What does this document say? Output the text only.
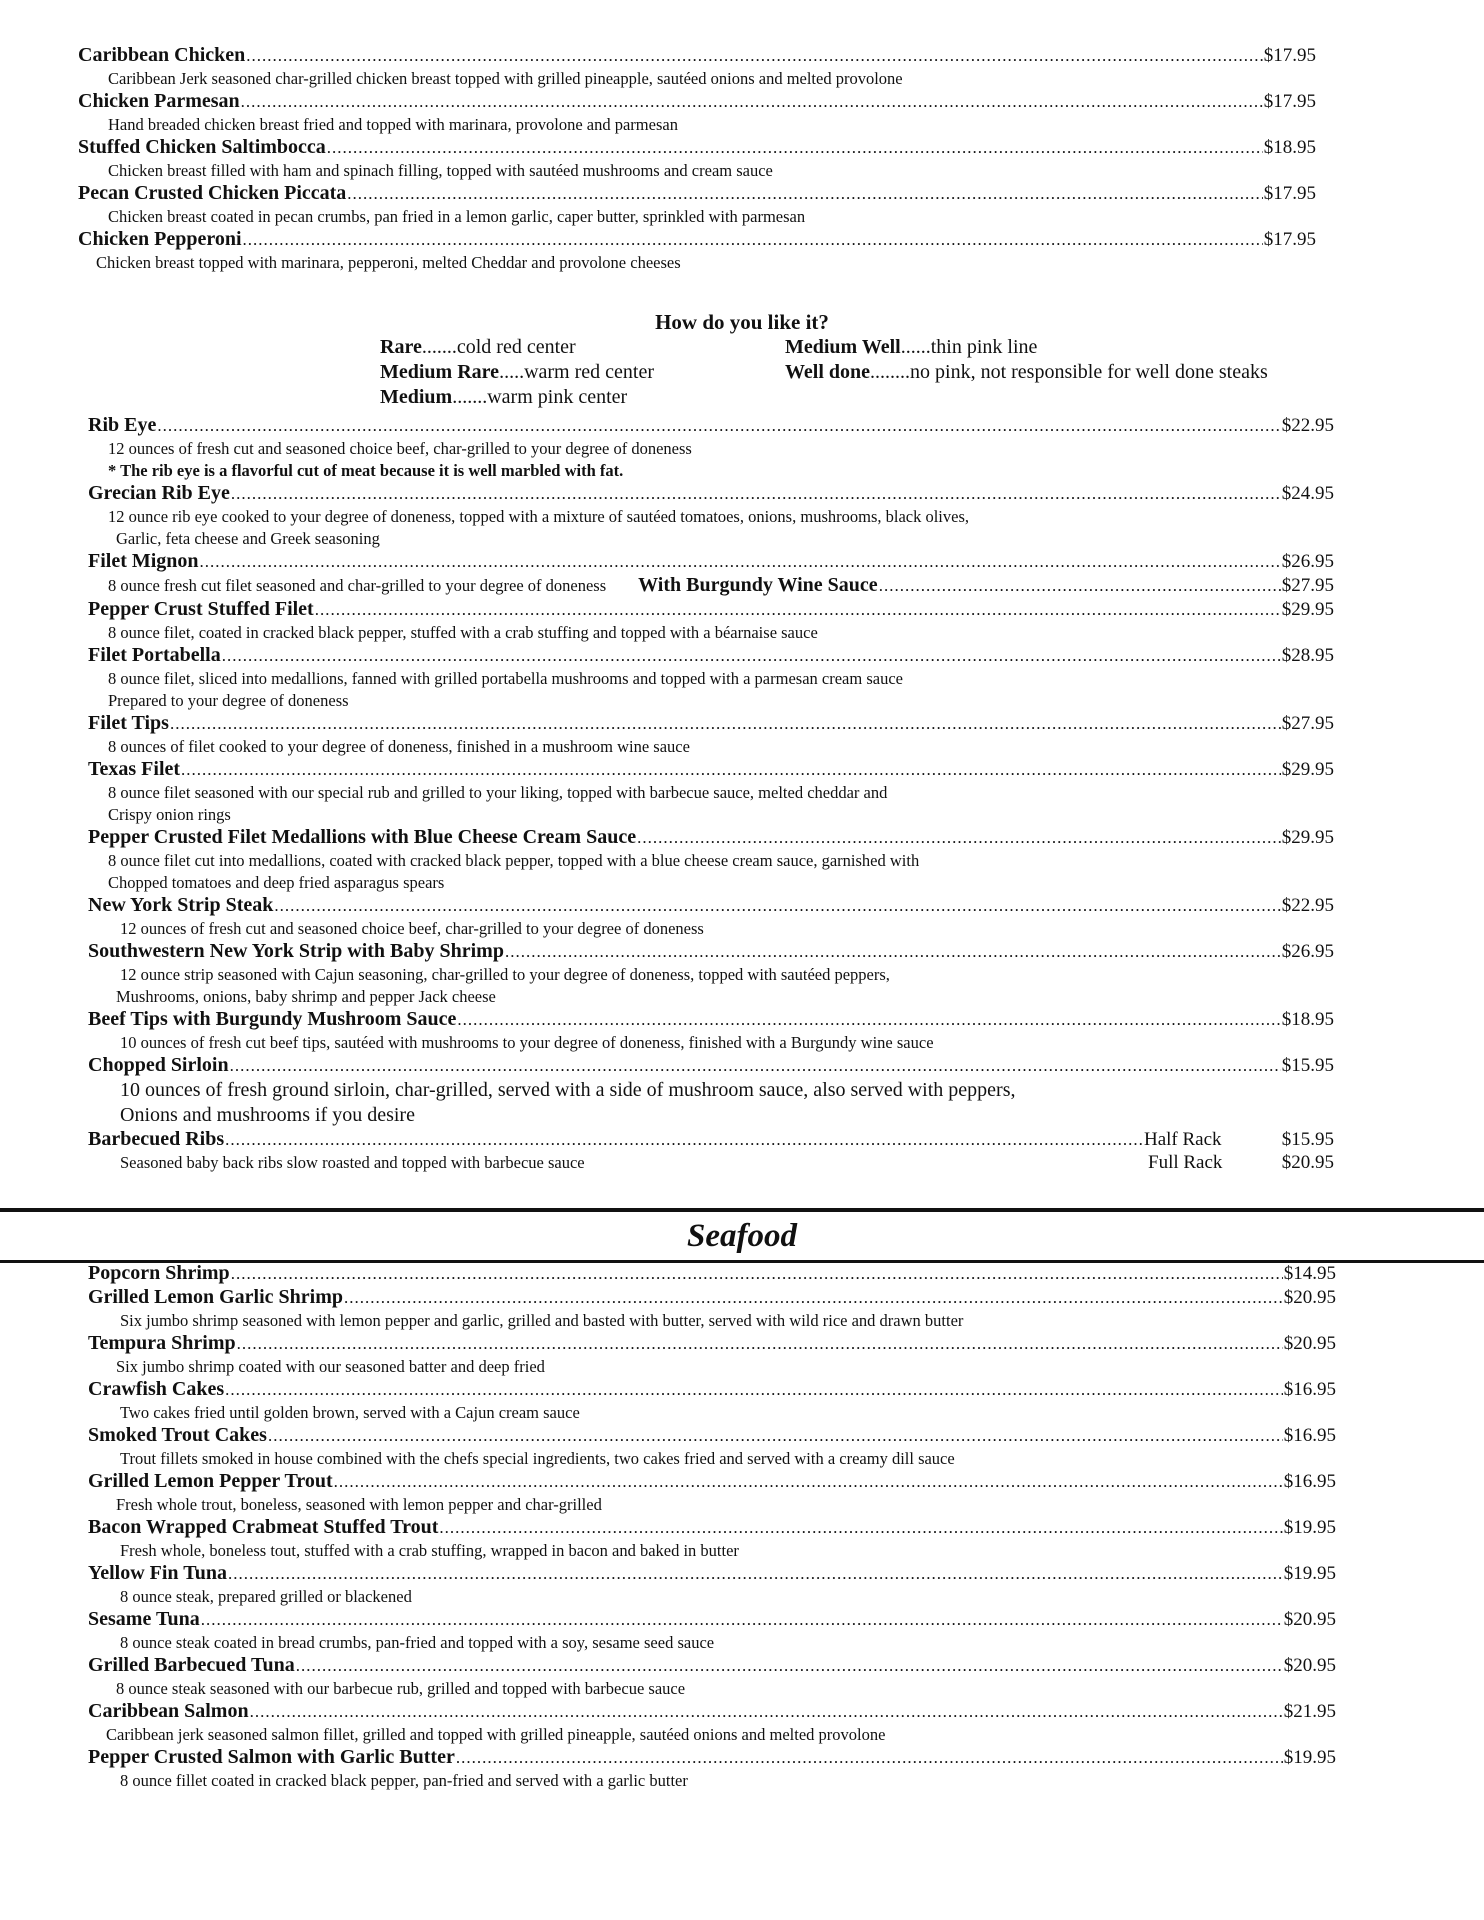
Caribbean Chicken .....	$17.95
Caribbean Jerk seasoned char-grilled chicken breast topped with grilled pineapple, sautéed onions and melted provolone
Chicken Parmesan .....	$17.95
Hand breaded chicken breast fried and topped with marinara, provolone and parmesan
Stuffed Chicken Saltimbocca .....	$18.95
Chicken breast filled with ham and spinach filling, topped with sautéed mushrooms and cream sauce
Pecan Crusted Chicken Piccata .....	$17.95
Chicken breast coated in pecan crumbs, pan fried in a lemon garlic, caper butter, sprinkled with parmesan
Chicken Pepperoni .....	$17.95
Chicken breast topped with marinara, pepperoni, melted Cheddar and provolone cheeses
How do you like it?
Rare.......cold red center
Medium Rare.....warm red center
Medium.......warm pink center
Medium Well......thin pink line
Well done........no pink, not responsible for well done steaks
Rib Eye .....	$22.95
12 ounces of fresh cut and seasoned choice beef, char-grilled to your degree of doneness
* The rib eye is a flavorful cut of meat because it is well marbled with fat.
Grecian Rib Eye .....	$24.95
12 ounce rib eye cooked to your degree of doneness, topped with a mixture of sautéed tomatoes, onions, mushrooms, black olives,
Garlic, feta cheese and Greek seasoning
Filet Mignon .....	$26.95
8 ounce fresh cut filet seasoned and char-grilled to your degree of doneness With Burgundy Wine Sauce .....	$27.95
Pepper Crust Stuffed Filet .....	$29.95
8 ounce filet, coated in cracked black pepper, stuffed with a crab stuffing and topped with a béarnaise sauce
Filet Portabella .....	$28.95
8 ounce filet, sliced into medallions, fanned with grilled portabella mushrooms and topped with a parmesan cream sauce
Prepared to your degree of doneness
Filet Tips .....	$27.95
8 ounces of filet cooked to your degree of doneness, finished in a mushroom wine sauce
Texas Filet .....	$29.95
8 ounce filet seasoned with our special rub and grilled to your liking, topped with barbecue sauce, melted cheddar and
Crispy onion rings
Pepper Crusted Filet Medallions with Blue Cheese Cream Sauce .....	$29.95
8 ounce filet cut into medallions, coated with cracked black pepper, topped with a blue cheese cream sauce, garnished with
Chopped tomatoes and deep fried asparagus spears
New York Strip Steak .....	$22.95
12 ounces of fresh cut and seasoned choice beef, char-grilled to your degree of doneness
Southwestern New York Strip with Baby Shrimp .....	$26.95
12 ounce strip seasoned with Cajun seasoning, char-grilled to your degree of doneness, topped with sautéed peppers,
Mushrooms, onions, baby shrimp and pepper Jack cheese
Beef Tips with Burgundy Mushroom Sauce .....	$18.95
10 ounces of fresh cut beef tips, sautéed with mushrooms to your degree of doneness, finished with a Burgundy wine sauce
Chopped Sirloin .....	$15.95
10 ounces of fresh ground sirloin, char-grilled, served with a side of mushroom sauce, also served with peppers,
Onions and mushrooms if you desire
Barbecued Ribs .....	Half Rack	$15.95
Seasoned baby back ribs slow roasted and topped with barbecue sauce	Full Rack	$20.95
Seafood
Popcorn Shrimp .....	$14.95
Grilled Lemon Garlic Shrimp .....	$20.95
Six jumbo shrimp seasoned with lemon pepper and garlic, grilled and basted with butter, served with wild rice and drawn butter
Tempura Shrimp .....	$20.95
Six jumbo shrimp coated with our seasoned batter and deep fried
Crawfish Cakes .....	$16.95
Two cakes fried until golden brown, served with a Cajun cream sauce
Smoked Trout Cakes .....	$16.95
Trout fillets smoked in house combined with the chefs special ingredients, two cakes fried and served with a creamy dill sauce
Grilled Lemon Pepper Trout .....	$16.95
Fresh whole trout, boneless, seasoned with lemon pepper and char-grilled
Bacon Wrapped Crabmeat Stuffed Trout .....	$19.95
Fresh whole, boneless tout, stuffed with a crab stuffing, wrapped in bacon and baked in butter
Yellow Fin Tuna .....	$19.95
8 ounce steak, prepared grilled or blackened
Sesame Tuna .....	$20.95
8 ounce steak coated in bread crumbs, pan-fried and topped with a soy, sesame seed sauce
Grilled Barbecued Tuna .....	$20.95
8 ounce steak seasoned with our barbecue rub, grilled and topped with barbecue sauce
Caribbean Salmon .....	$21.95
Caribbean jerk seasoned salmon fillet, grilled and topped with grilled pineapple, sautéed onions and melted provolone
Pepper Crusted Salmon with Garlic Butter .....	$19.95
8 ounce fillet coated in cracked black pepper, pan-fried and served with a garlic butter
